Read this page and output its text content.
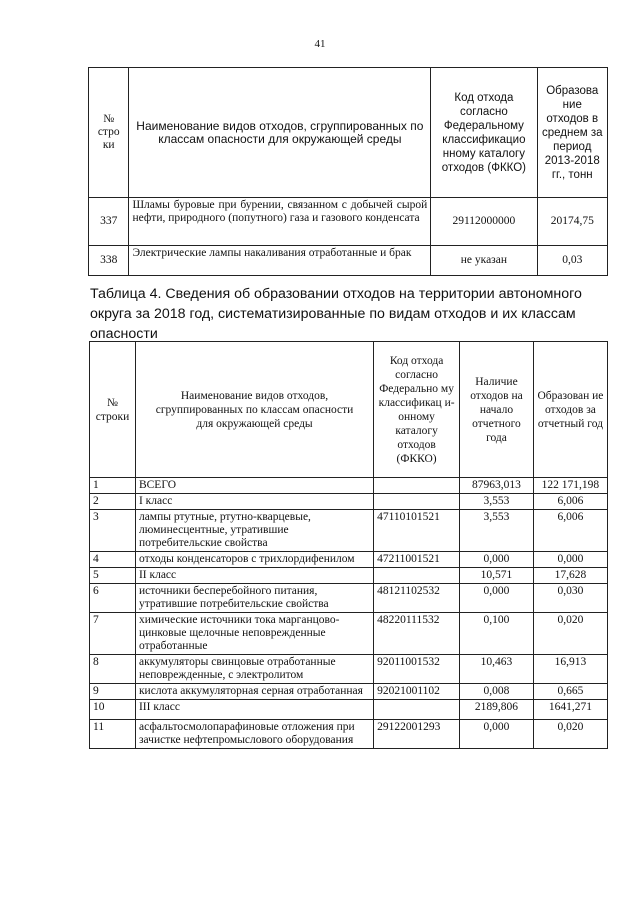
41
№ стро ки	Наименование видов отходов, сгруппированных по классам опасности для окружающей среды	Код отхода согласно Федеральному классификацио нному каталогу отходов (ФККО)	Образова ние отходов в среднем за период 2013-2018 гг., тонн
337	Шламы буровые при бурении, связанном с добычей сырой нефти, природного (попутного) газа и газового конденсата	29112000000	20174,75
338	Электрические лампы накаливания отработанные и брак	не указан	0,03
Таблица 4. Сведения об образовании отходов на территории автономного округа за 2018 год, систематизированные по видам отходов и их классам опасности
№ строки	Наименование видов отходов, сгруппированных по классам опасности для окружающей среды	Код отхода согласно Федерально му классификац и-онному каталогу отходов (ФККО)	Наличие отходов на начало отчетного года	Образован ие отходов за отчетный год
1	ВСЕГО		87963,013	122 171,198
2	I класс		3,553	6,006
3	лампы ртутные, ртутно-кварцевые, люминесцентные, утратившие потребительские свойства	47110101521	3,553	6,006
4	отходы конденсаторов с трихлордифенилом	47211001521	0,000	0,000
5	II класс		10,571	17,628
6	источники бесперебойного питания, утратившие потребительские свойства	48121102532	0,000	0,030
7	химические источники тока марганцово-цинковые щелочные неповрежденные отработанные	48220111532	0,100	0,020
8	аккумуляторы свинцовые отработанные неповрежденные, с электролитом	92011001532	10,463	16,913
9	кислота аккумуляторная серная отработанная	92021001102	0,008	0,665
10	III класс		2189,806	1641,271
11	асфальтосмолопарафиновые отложения при зачистке нефтепромыслового оборудования	29122001293	0,000	0,020
